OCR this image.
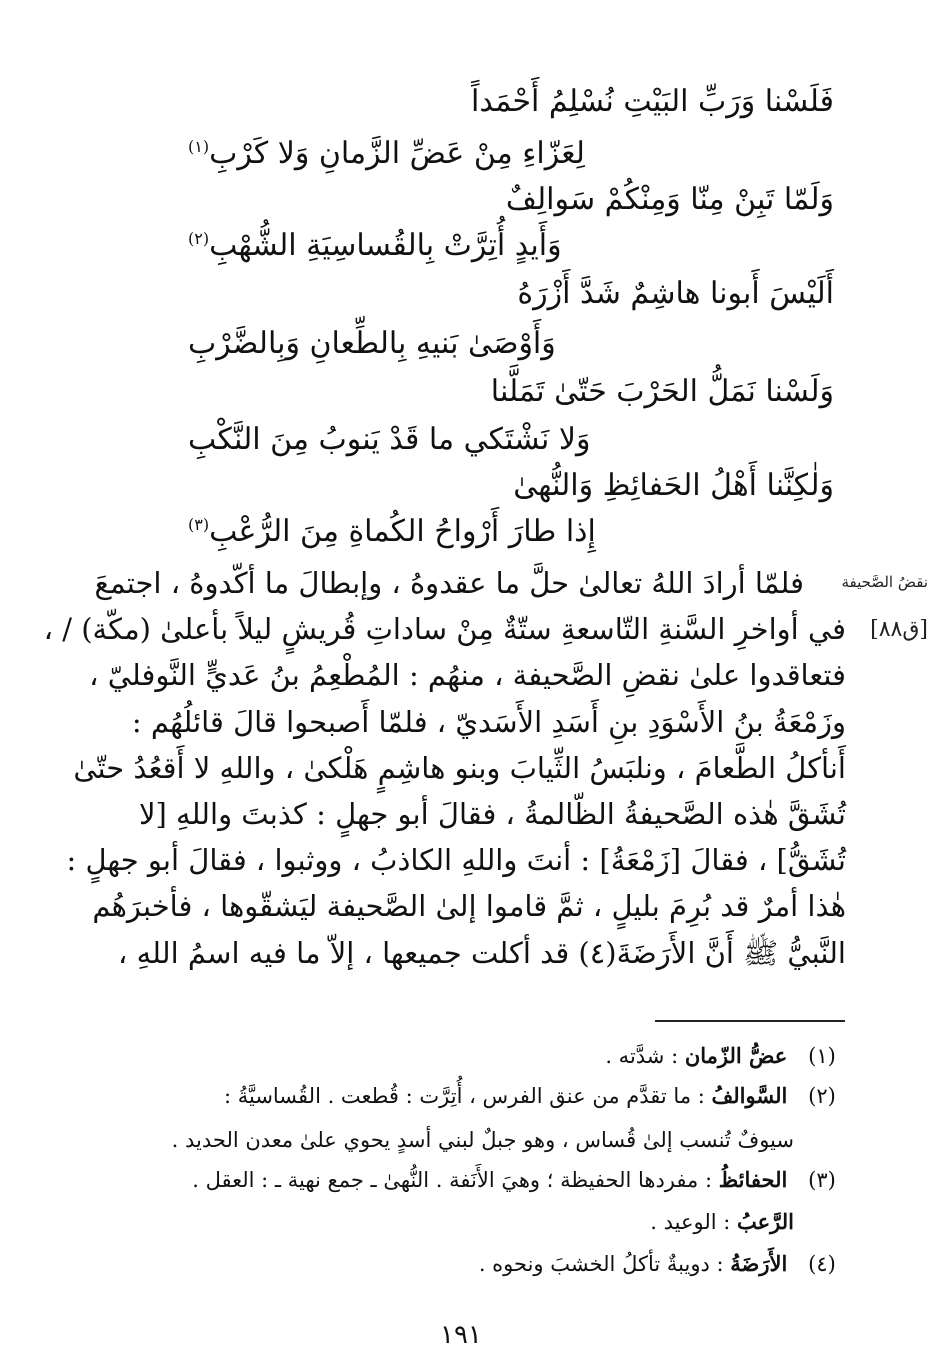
فَلَسْنا وَرَبِّ البَيْتِ نُسْلِمُ أَحْمَداً
لِعَزّاءِ مِنْ عَضِّ الزَّمانِ وَلا كَرْبِ$^{(١)}$
وَلَمّا تَبِنْ مِنّا وَمِنْكُمْ سَوالِفٌ
وَأَيدٍ أُتِرَّتْ بِالقُساسِيَةِ الشُّهْبِ$^{(٢)}$
أَلَيْسَ أَبونا هاشِمٌ شَدَّ أَزْرَهُ
وَأَوْصَىٰ بَنيهِ بِالطِّعانِ وَبِالضَّرْبِ
وَلَسْنا نَمَلُّ الحَرْبَ حَتّىٰ تَمَلَّنا
وَلا نَشْتَكي ما قَدْ يَنوبُ مِنَ النَّكْبِ
وَلٰكِنَّنا أَهْلُ الحَفائِظِ وَالنُّهىٰ
إِذا طارَ أَرْواحُ الكُماةِ مِنَ الرُّعْبِ$^{(٣)}$
نقضُ الصَّحيفة
[ق٨٨]
فلمّا أرادَ اللهُ تعالىٰ حلَّ ما عقدوهُ ، وإبطالَ ما أكّدوهُ ، اجتمعَ
في أواخرِ السَّنةِ التّاسعةِ ستّةٌ مِنْ ساداتِ قُريشٍ ليلاً بأعلىٰ (مكّة) / ،
فتعاقدوا علىٰ نقضِ الصَّحيفة ، منهُم : المُطْعِمُ بنُ عَديٍّ النَّوفليّ ،
وزَمْعَةُ بنُ الأَسْوَدِ بنِ أَسَدِ الأَسَديّ ، فلمّا أَصبحوا قالَ قائلُهُم :
أَنأكلُ الطَّعامَ ، ونلبَسُ الثِّيابَ وبنو هاشِمٍ هَلْكىٰ ، واللهِ لا أَقعُدُ حتّىٰ
تُشَقَّ هٰذه الصَّحيفةُ الظّالمةُ ، فقالَ أبو جهلٍ : كذبتَ واللهِ [لا
تُشَقُّ] ، فقالَ [زَمْعَةُ] : أنتَ واللهِ الكاذبُ ، ووثبوا ، فقالَ أبو جهلٍ :
هٰذا أمرٌ قد بُرِمَ بليلٍ ، ثمَّ قاموا إلىٰ الصَّحيفة ليَشقّوها ، فأخبرَهُم
النَّبيُّ ﷺ أَنَّ الأَرَضَةَ(٤) قد أكلت جميعها ، إلاّ ما فيه اسمُ اللهِ ،
(١) عضُّ الزّمان : شدَّته .
(٢) السَّوالفُ : ما تقدَّم من عنق الفرس ، أُتِرَّت : قُطعت . القُساسيَّةُ :
سيوفٌ تُنسب إلىٰ قُساس ، وهو جبلٌ لبني أسدٍ يحوي علىٰ معدن الحديد .
(٣) الحفائظُ : مفردها الحفيظة ؛ وهيَ الأَنَفة . النُّهىٰ ـ جمع نهية ـ : العقل .
الرَّعبُ : الوعيد .
(٤) الأَرَضَةُ : دويبةٌ تأكلُ الخشبَ ونحوه .
١٩١
